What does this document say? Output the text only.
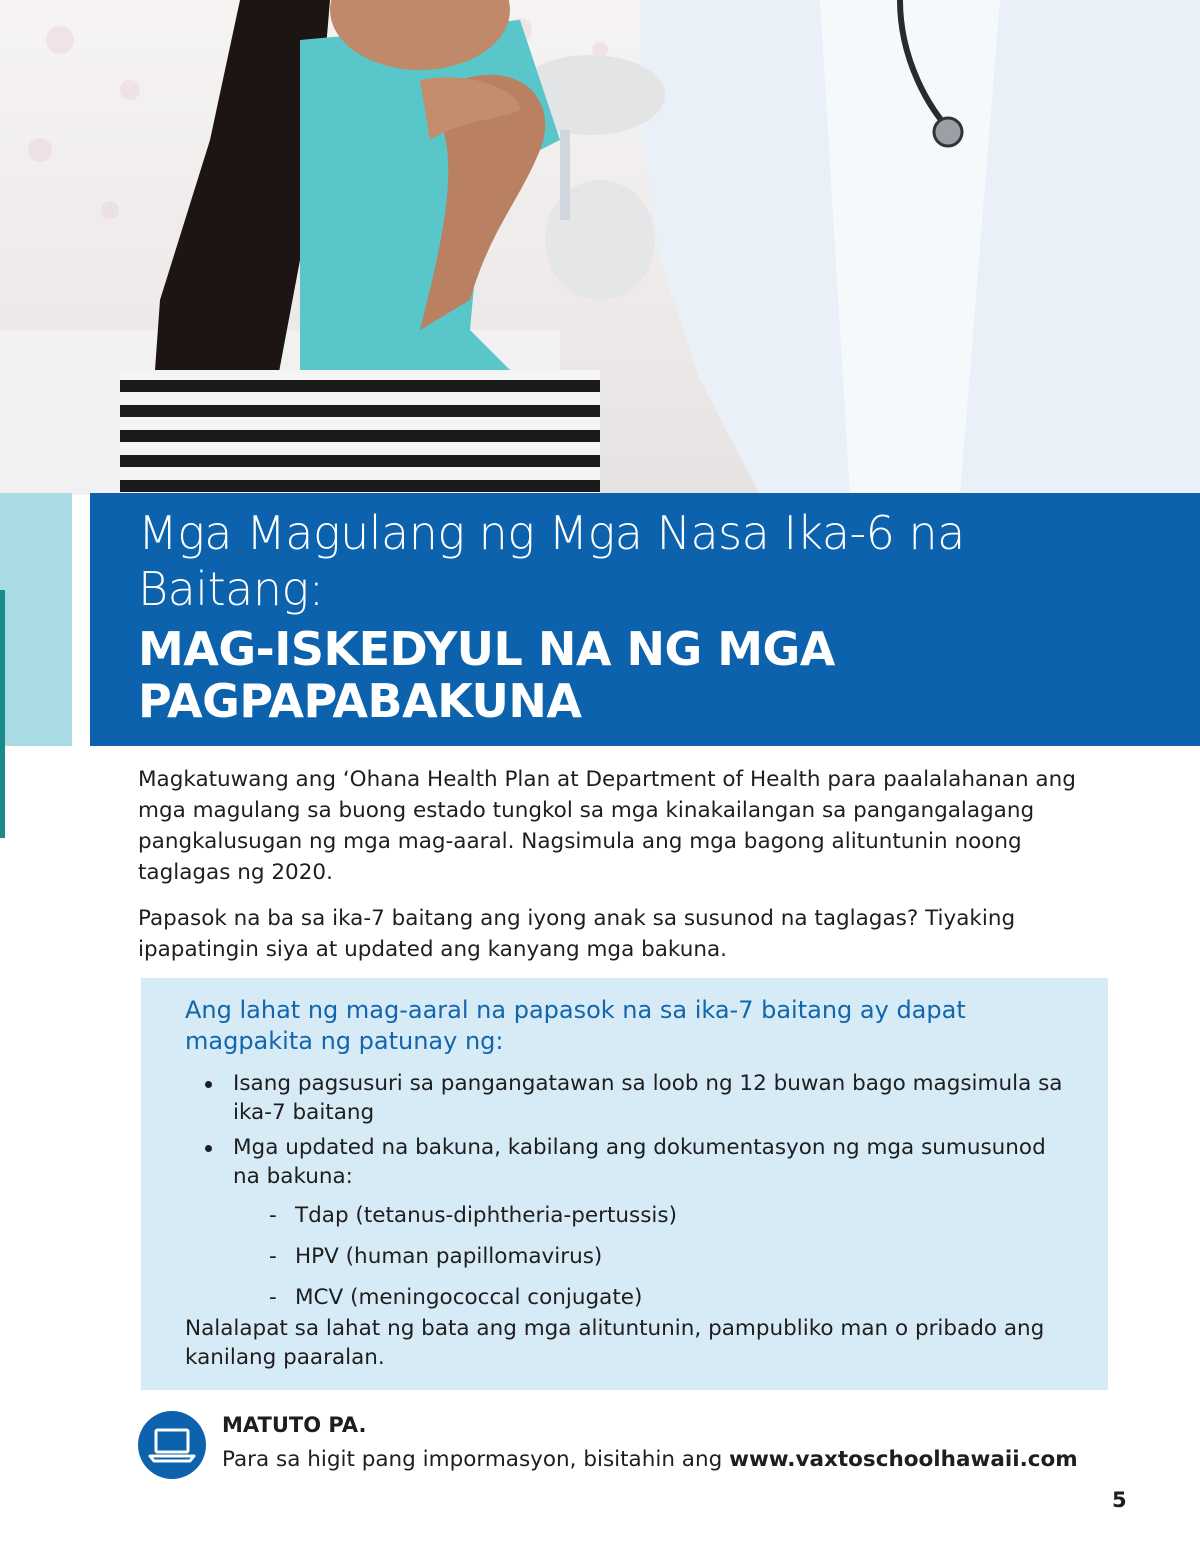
Mga Magulang ng Mga Nasa Ika-6 na
Baitang:
MAG-ISKEDYUL NA NG MGA
PAGPAPABAKUNA

Magkatuwang ang ‘Ohana Health Plan at Department of Health para paalalahanan ang mga magulang sa buong estado tungkol sa mga kinakailangan sa pangangalagang pangkalusugan ng mga mag-aaral. Nagsimula ang mga bagong alituntunin noong taglagas ng 2020.

Papasok na ba sa ika-7 baitang ang iyong anak sa susunod na taglagas? Tiyaking ipapatingin siya at updated ang kanyang mga bakuna.

Ang lahat ng mag-aaral na papasok na sa ika-7 baitang ay dapat magpakita ng patunay ng:
Isang pagsusuri sa pangangatawan sa loob ng 12 buwan bago magsimula sa ika-7 baitang
Mga updated na bakuna, kabilang ang dokumentasyon ng mga sumusunod na bakuna:
- Tdap (tetanus-diphtheria-pertussis)
- HPV (human papillomavirus)
- MCV (meningococcal conjugate)
Nalalapat sa lahat ng bata ang mga alituntunin, pampubliko man o pribado ang kanilang paaralan.
MATUTO PA.
Para sa higit pang impormasyon, bisitahin ang www.vaxtoschoolhawaii.com
5
